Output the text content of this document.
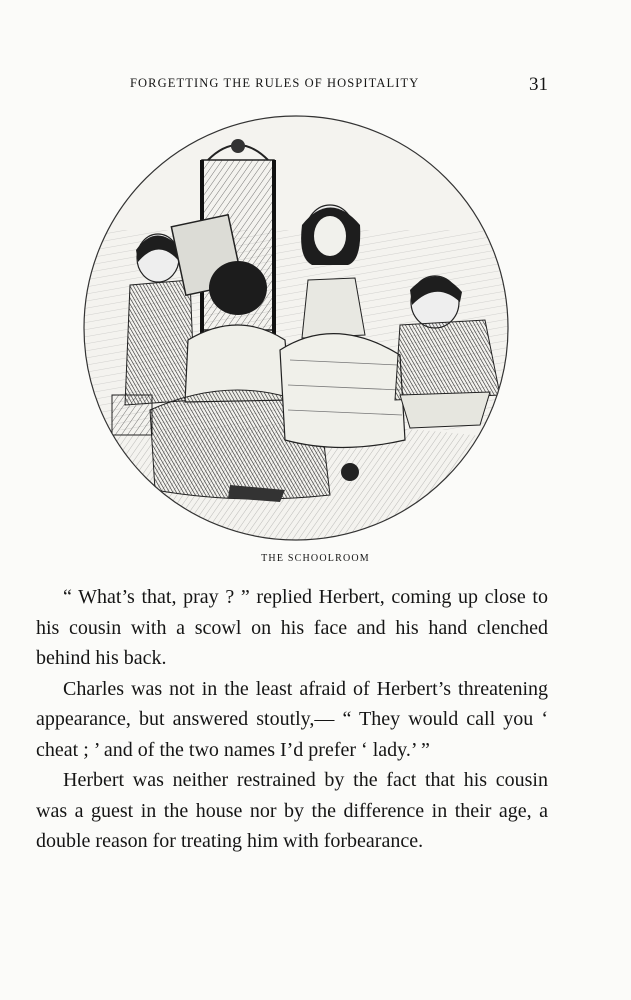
FORGETTING THE RULES OF HOSPITALITY	31
THE SCHOOLROOM

“ What’s that, pray ? ” replied Herbert, coming up close to his cousin with a scowl on his face and his hand clenched behind his back.

Charles was not in the least afraid of Herbert’s threatening appearance, but answered stoutly,— “ They would call you ‘ cheat ; ’ and of the two names I’d prefer ‘ lady.’ ”

Herbert was neither restrained by the fact that his cousin was a guest in the house nor by the difference in their age, a double reason for treating him with forbearance.
